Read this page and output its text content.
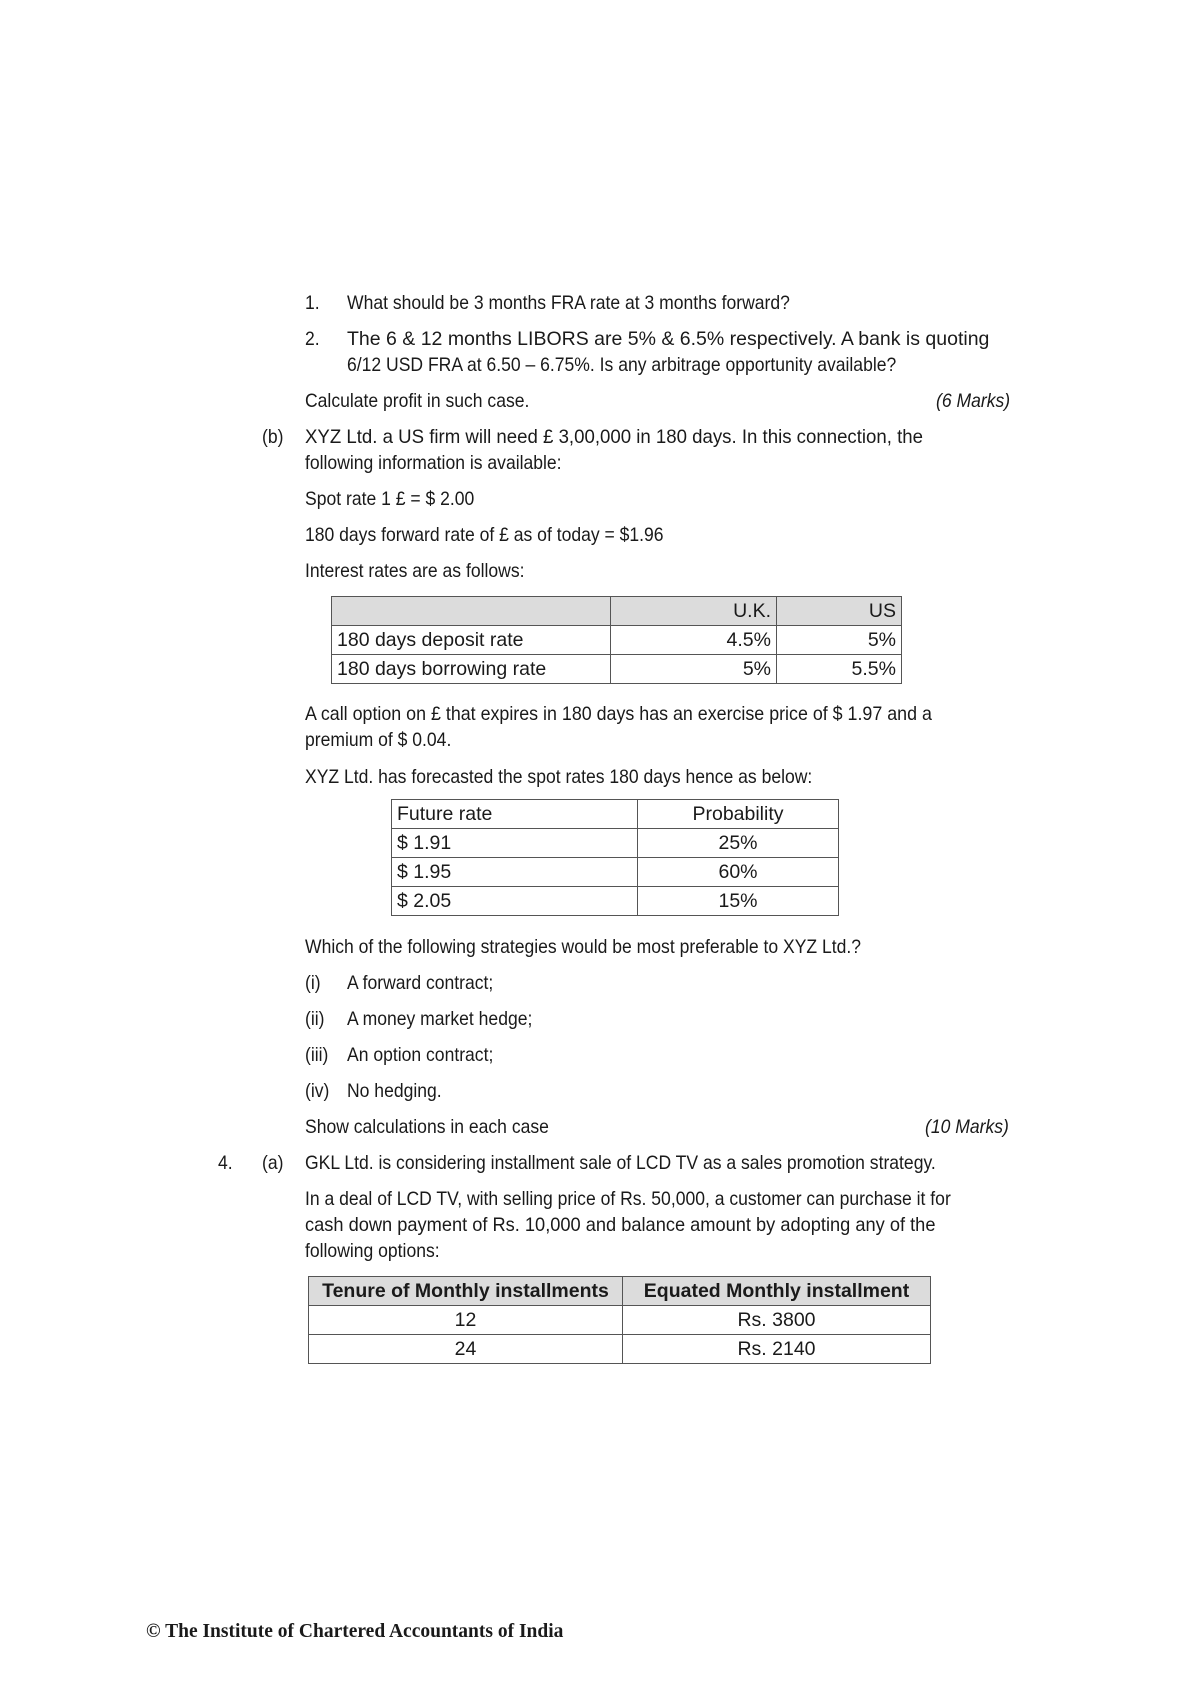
1. What should be 3 months FRA rate at 3 months forward?
2. The 6 & 12 months LIBORS are 5% & 6.5% respectively. A bank is quoting
6/12 USD FRA at 6.50 – 6.75%. Is any arbitrage opportunity available?
Calculate profit in such case.	(6 Marks)
(b) XYZ Ltd. a US firm will need £ 3,00,000 in 180 days. In this connection, the
following information is available:
Spot rate 1 £ = $ 2.00
180 days forward rate of £ as of today = $1.96
Interest rates are as follows:
	U.K.	US
180 days deposit rate	4.5%	5%
180 days borrowing rate	5%	5.5%
A call option on £ that expires in 180 days has an exercise price of $ 1.97 and a
premium of $ 0.04.
XYZ Ltd. has forecasted the spot rates 180 days hence as below:
Future rate	Probability
$ 1.91	25%
$ 1.95	60%
$ 2.05	15%
Which of the following strategies would be most preferable to XYZ Ltd.?
(i) A forward contract;
(ii) A money market hedge;
(iii) An option contract;
(iv) No hedging.
Show calculations in each case	(10 Marks)
4. (a) GKL Ltd. is considering installment sale of LCD TV as a sales promotion strategy.
In a deal of LCD TV, with selling price of Rs. 50,000, a customer can purchase it for
cash down payment of Rs. 10,000 and balance amount by adopting any of the
following options:
Tenure of Monthly installments	Equated Monthly installment
12	Rs. 3800
24	Rs. 2140
© The Institute of Chartered Accountants of India
